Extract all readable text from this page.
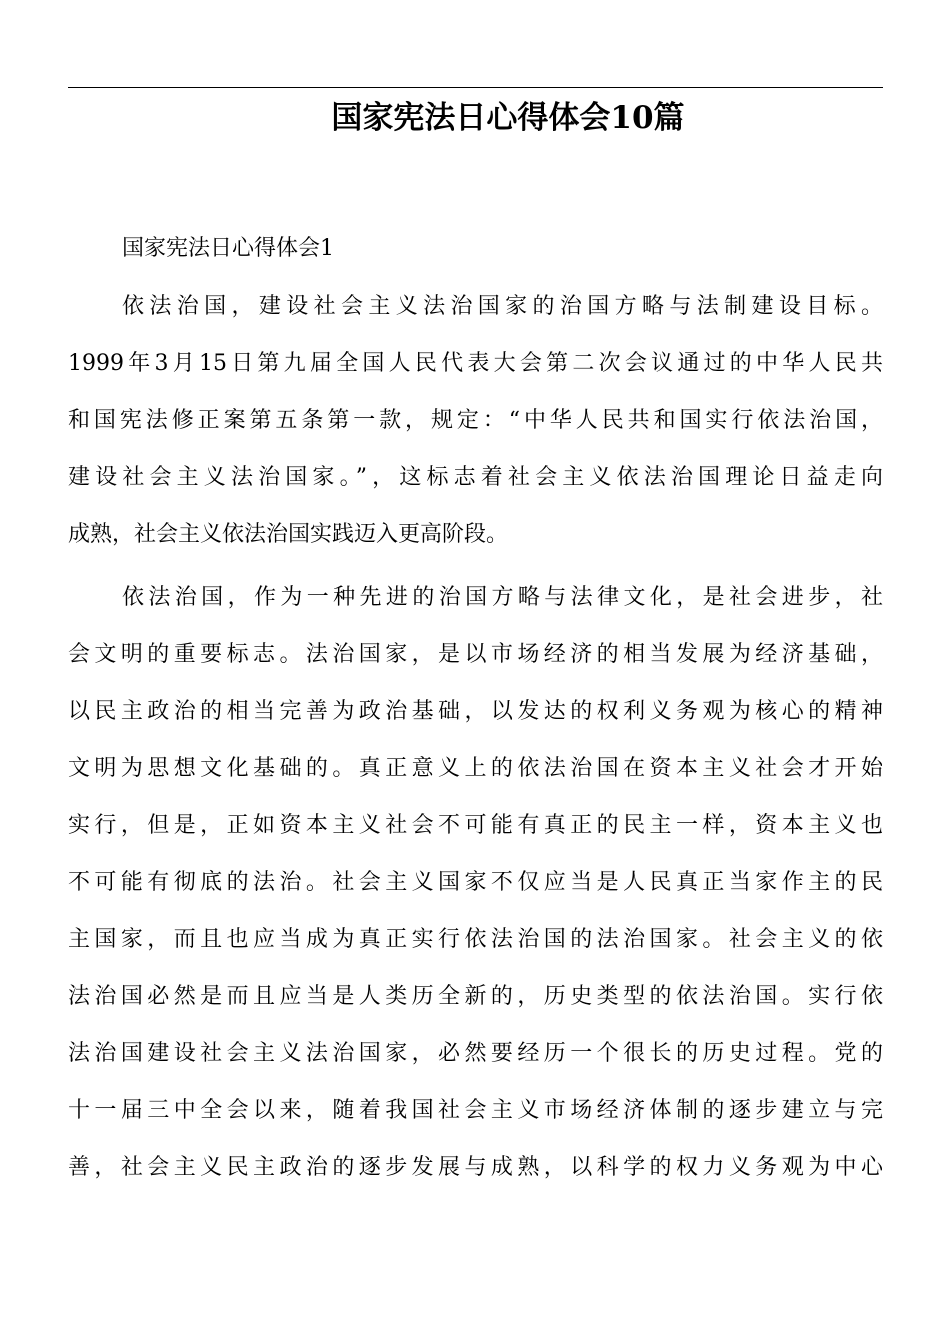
国家宪法日心得体会10篇
国家宪法日心得体会1
依法治国，建设社会主义法治国家的治国方略与法制建设目标。
1999年3月15日第九届全国人民代表大会第二次会议通过的中华人民共
和国宪法修正案第五条第一款，规定：“中华人民共和国实行依法治国，
建设社会主义法治国家。”，这标志着社会主义依法治国理论日益走向
成熟，社会主义依法治国实践迈入更高阶段。
依法治国，作为一种先进的治国方略与法律文化，是社会进步，社
会文明的重要标志。法治国家，是以市场经济的相当发展为经济基础，
以民主政治的相当完善为政治基础，以发达的权利义务观为核心的精神
文明为思想文化基础的。真正意义上的依法治国在资本主义社会才开始
实行，但是，正如资本主义社会不可能有真正的民主一样，资本主义也
不可能有彻底的法治。社会主义国家不仅应当是人民真正当家作主的民
主国家，而且也应当成为真正实行依法治国的法治国家。社会主义的依
法治国必然是而且应当是人类历全新的，历史类型的依法治国。实行依
法治国建设社会主义法治国家，必然要经历一个很长的历史过程。党的
十一届三中全会以来，随着我国社会主义市场经济体制的逐步建立与完
善，社会主义民主政治的逐步发展与成熟，以科学的权力义务观为中心
